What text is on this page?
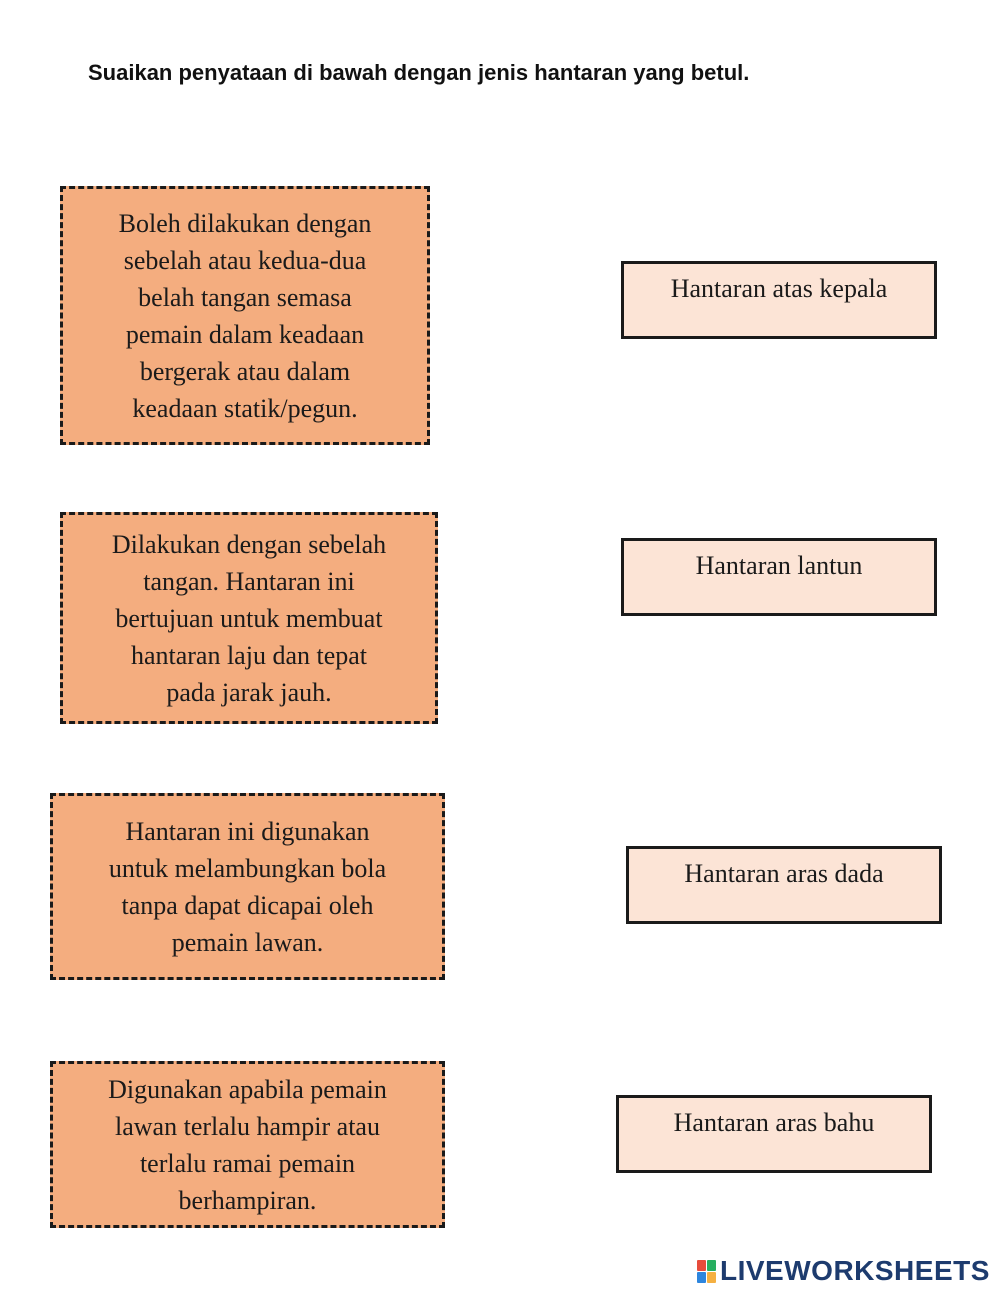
Suaikan penyataan di bawah dengan jenis hantaran yang betul.
Boleh dilakukan dengan
sebelah atau kedua-dua
belah tangan semasa
pemain dalam keadaan
bergerak atau dalam
keadaan statik/pegun.
Dilakukan dengan sebelah
tangan. Hantaran ini
bertujuan untuk membuat
hantaran laju dan tepat
pada jarak jauh.
Hantaran ini digunakan
untuk melambungkan bola
tanpa dapat dicapai oleh
pemain lawan.
Digunakan apabila pemain
lawan terlalu hampir atau
terlalu ramai pemain
berhampiran.
Hantaran atas kepala
Hantaran lantun
Hantaran aras dada
Hantaran aras bahu
LIVEWORKSHEETS
